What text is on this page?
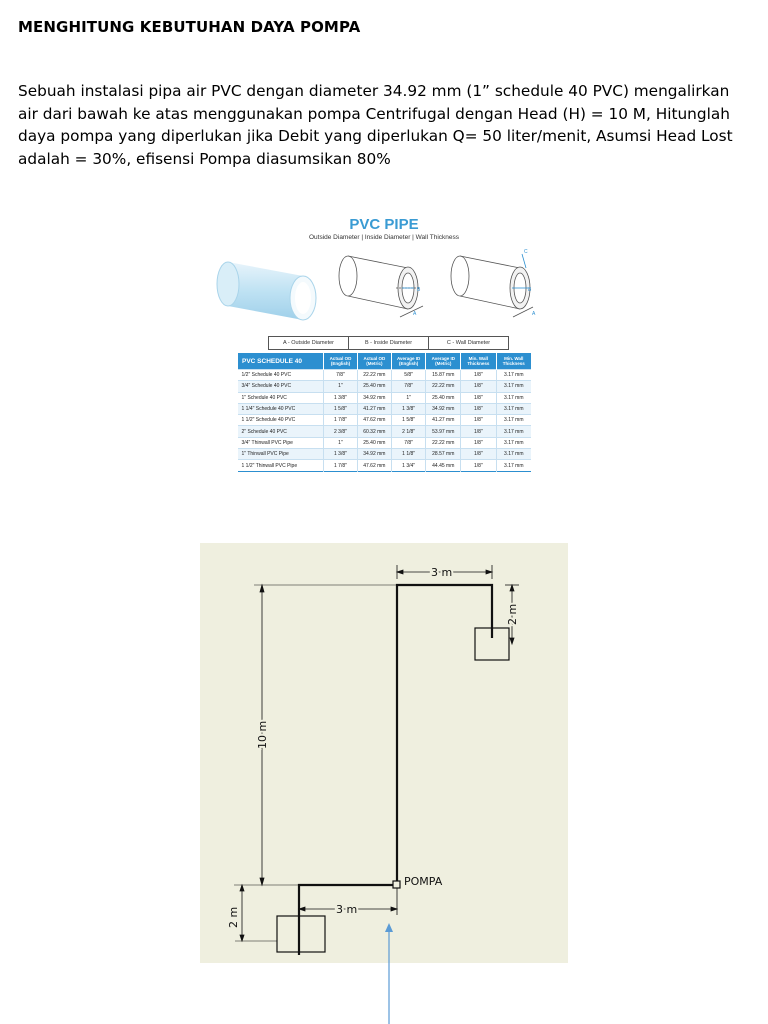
MENGHITUNG KEBUTUHAN DAYA POMPA
Sebuah instalasi pipa air PVC dengan diameter 34.92 mm (1” schedule 40 PVC) mengalirkan
air dari bawah ke atas menggunakan pompa Centrifugal dengan Head (H) = 10 M, Hitunglah
daya pompa yang diperlukan jika Debit yang diperlukan Q= 50 liter/menit, Asumsi Head Lost
adalah = 30%, efisensi Pompa diasumsikan 80%
PVC PIPE
Outside Diameter | Inside Diameter | Wall Thickness
B
A
C
B
A
A - Outside Diameter	B - Inside Diameter	C - Wall Diameter
PVC SCHEDULE 40	Actual OD (English)	Actual OD (Metric)	Average ID (English)	Average ID (Metric)	Min. Wall Thickness	Min. Wall Thickness
1/2" Schedule 40 PVC	7/8"	22.22 mm	5/8"	15.87 mm	1/8"	3.17 mm
3/4" Schedule 40 PVC	1"	25.40 mm	7/8"	22.22 mm	1/8"	3.17 mm
1" Schedule 40 PVC	1 3/8"	34.92 mm	1"	25.40 mm	1/8"	3.17 mm
1 1/4" Schedule 40 PVC	1 5/8"	41.27 mm	1 3/8"	34.92 mm	1/8"	3.17 mm
1 1/2" Schedule 40 PVC	1 7/8"	47.62 mm	1 5/8"	41.27 mm	1/8"	3.17 mm
2" Schedule 40 PVC	2 3/8"	60.32 mm	2 1/8"	53.97 mm	1/8"	3.17 mm
3/4" Thinwall PVC Pipe	1"	25.40 mm	7/8"	22.22 mm	1/8"	3.17 mm
1" Thinwall PVC Pipe	1 3/8"	34.92 mm	1 1/8"	28.57 mm	1/8"	3.17 mm
1 1/2" Thinwall PVC Pipe	1 7/8"	47.62 mm	1 3/4"	44.45 mm	1/8"	3.17 mm
POMPA
3 m
2 m
10 m
3 m
2 m
